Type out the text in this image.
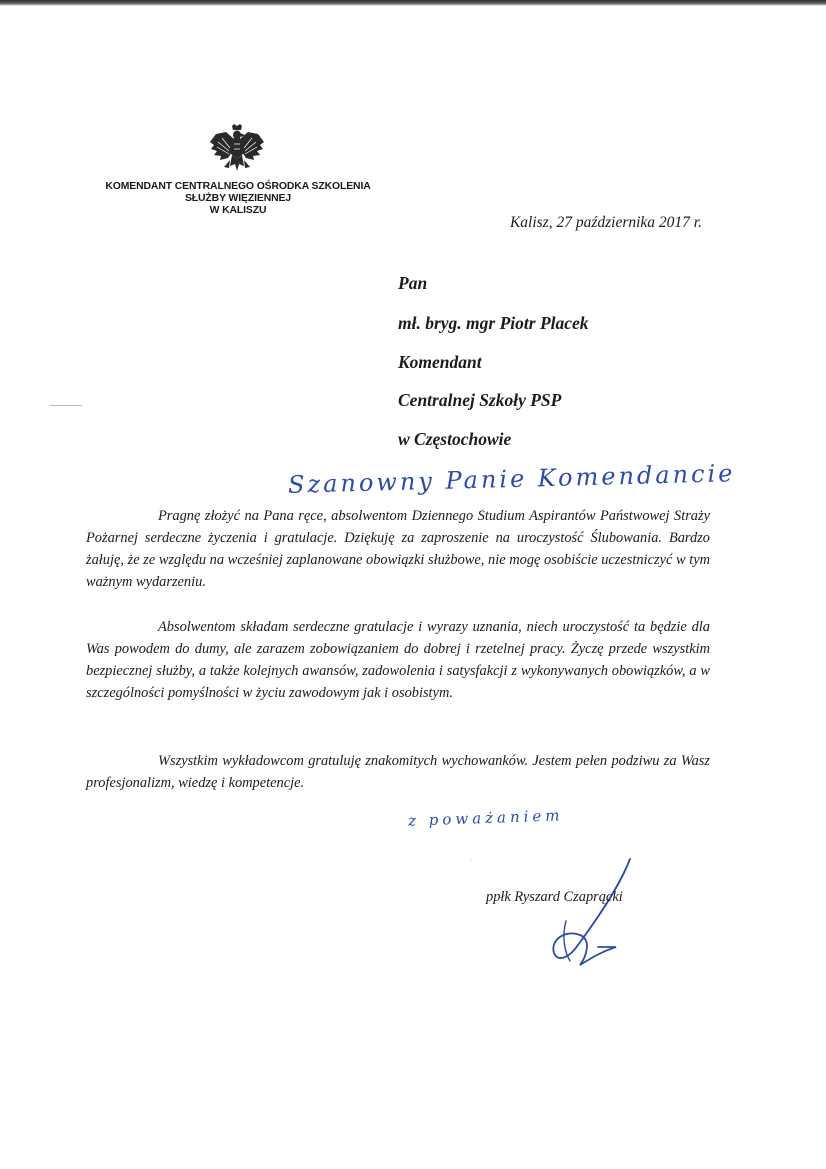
KOMENDANT CENTRALNEGO OŚRODKA SZKOLENIA
SŁUŻBY WIĘZIENNEJ
W KALISZU
Kalisz, 27 października 2017 r.
Pan
mł. bryg. mgr Piotr Placek
Komendant
Centralnej Szkoły PSP
w Częstochowie
Szanowny Panie Komendancie

Pragnę złożyć na Pana ręce, absolwentom Dziennego Studium Aspirantów Państwowej Straży Pożarnej serdeczne życzenia i gratulacje. Dziękuję za zaproszenie na uroczystość Ślubowania. Bardzo żałuję, że ze względu na wcześniej zaplanowane obowiązki służbowe, nie mogę osobiście uczestniczyć w tym ważnym wydarzeniu.

Absolwentom składam serdeczne gratulacje i wyrazy uznania, niech uroczystość ta będzie dla Was powodem do dumy, ale zarazem zobowiązaniem do dobrej i rzetelnej pracy. Życzę przede wszystkim bezpiecznej służby, a także kolejnych awansów, zadowolenia i satysfakcji z wykonywanych obowiązków, a w szczególności pomyślności w życiu zawodowym jak i osobistym.

Wszystkim wykładowcom gratuluję znakomitych wychowanków. Jestem pełen podziwu za Wasz profesjonalizm, wiedzę i kompetencje.

z poważaniem
·
ppłk Ryszard Czaprącki
